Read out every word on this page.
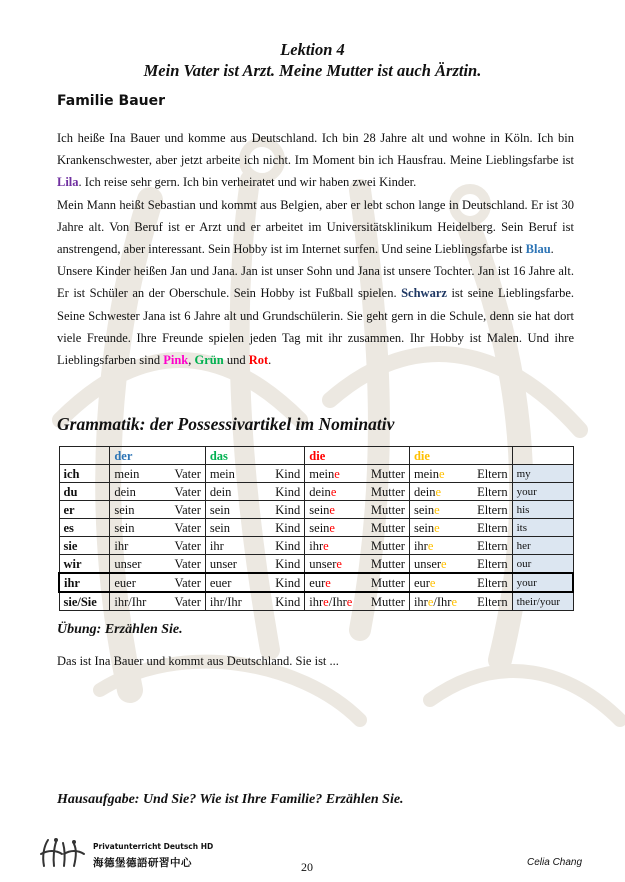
Lektion 4
Mein Vater ist Arzt. Meine Mutter ist auch Ärztin.
Familie Bauer

Ich heiße Ina Bauer und komme aus Deutschland. Ich bin 28 Jahre alt und wohne in Köln. Ich bin Krankenschwester, aber jetzt arbeite ich nicht. Im Moment bin ich Hausfrau. Meine Lieblingsfarbe ist Lila. Ich reise sehr gern. Ich bin verheiratet und wir haben zwei Kinder.

Mein Mann heißt Sebastian und kommt aus Belgien, aber er lebt schon lange in Deutschland. Er ist 30 Jahre alt. Von Beruf ist er Arzt und er arbeitet im Universitätsklinikum Heidelberg. Sein Beruf ist anstrengend, aber interessant. Sein Hobby ist im Internet surfen. Und seine Lieblingsfarbe ist Blau.

Unsere Kinder heißen Jan und Jana. Jan ist unser Sohn und Jana ist unsere Tochter. Jan ist 16 Jahre alt. Er ist Schüler an der Oberschule. Sein Hobby ist Fußball spielen. Schwarz ist seine Lieblingsfarbe. Seine Schwester Jana ist 6 Jahre alt und Grundschülerin. Sie geht gern in die Schule, denn sie hat dort viele Freunde. Ihre Freunde spielen jeden Tag mit ihr zusammen. Ihr Hobby ist Malen. Und ihre Lieblingsfarben sind Pink, Grün und Rot.

Grammatik: der Possessivartikel im Nominativ
	der	das	die	die	
ich	mein Vater	mein Kind	meine Mutter	meine Eltern	my
du	dein Vater	dein Kind	deine Mutter	deine Eltern	your
er	sein Vater	sein Kind	seine Mutter	seine Eltern	his
es	sein Vater	sein Kind	seine Mutter	seine Eltern	its
sie	ihr Vater	ihr Kind	ihre Mutter	ihre Eltern	her
wir	unser Vater	unser Kind	unsere Mutter	unsere Eltern	our
ihr	euer Vater	euer Kind	eure Mutter	eure Eltern	your
sie/Sie	ihr/Ihr Vater	ihr/Ihr Kind	ihre/Ihre Mutter	ihre/Ihre Eltern	their/your
Übung: Erzählen Sie.
Das ist Ina Bauer und kommt aus Deutschland. Sie ist ...
Hausaufgabe: Und Sie? Wie ist Ihre Familie? Erzählen Sie.
Privatunterricht Deutsch HD
海德堡德語研習中心	20	Celia Chang
